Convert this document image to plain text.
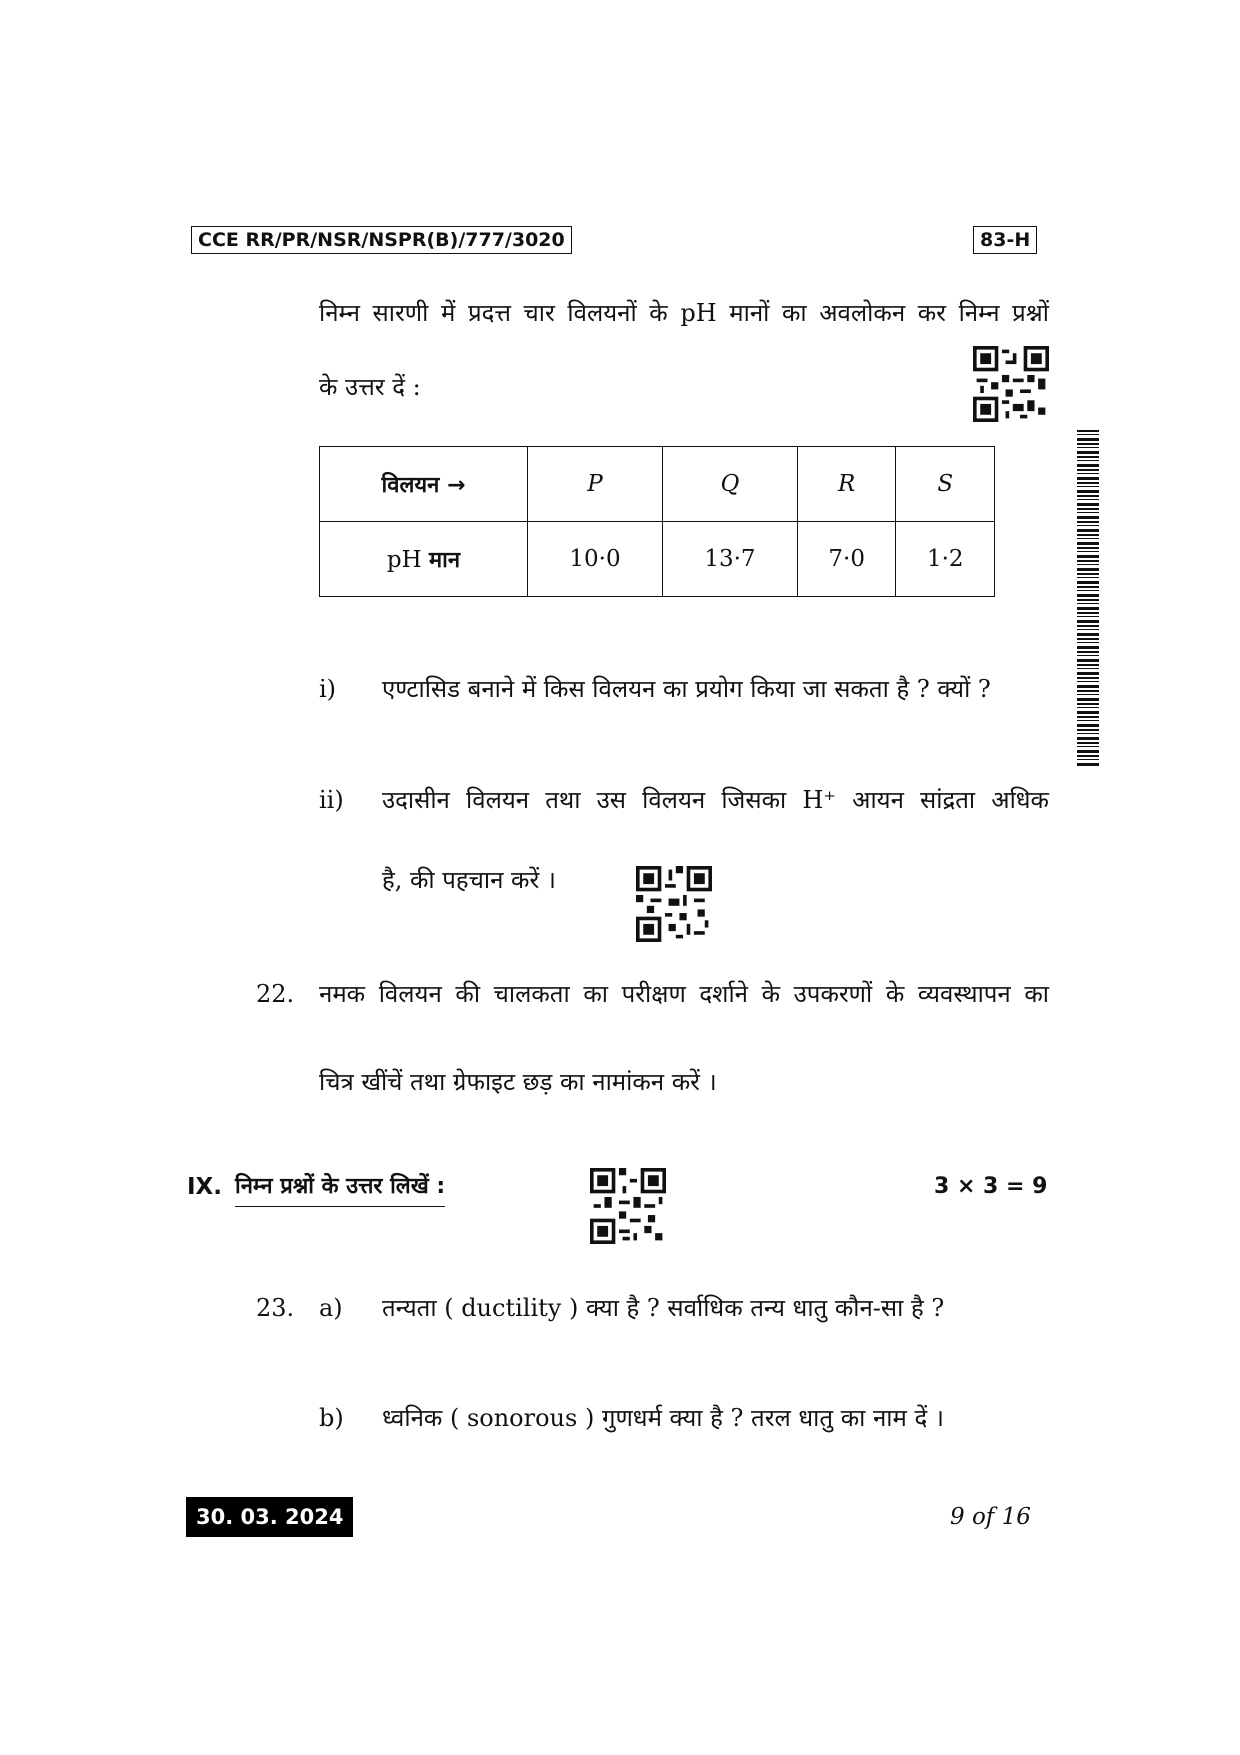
CCE RR/PR/NSR/NSPR(B)/777/3020	83-H
निम्न सारणी में प्रदत्त चार विलयनों के pH मानों का अवलोकन कर निम्न प्रश्नों
के उत्तर दें :
विलयन →	P	Q	R	S
pH मान	10·0	13·7	7·0	1·2
i) एण्टासिड बनाने में किस विलयन का प्रयोग किया जा सकता है ? क्यों ?
ii) उदासीन विलयन तथा उस विलयन जिसका H⁺ आयन सांद्रता अधिक
है, की पहचान करें ।
22. नमक विलयन की चालकता का परीक्षण दर्शाने के उपकरणों के व्यवस्थापन का
चित्र खींचें तथा ग्रेफाइट छड़ का नामांकन करें ।
IX. निम्न प्रश्नों के उत्तर लिखें :	3 × 3 = 9
23. a) तन्यता ( ductility ) क्या है ? सर्वाधिक तन्य धातु कौन-सा है ?
b) ध्वनिक ( sonorous ) गुणधर्म क्या है ? तरल धातु का नाम दें ।
30. 03. 2024	9 of 16
